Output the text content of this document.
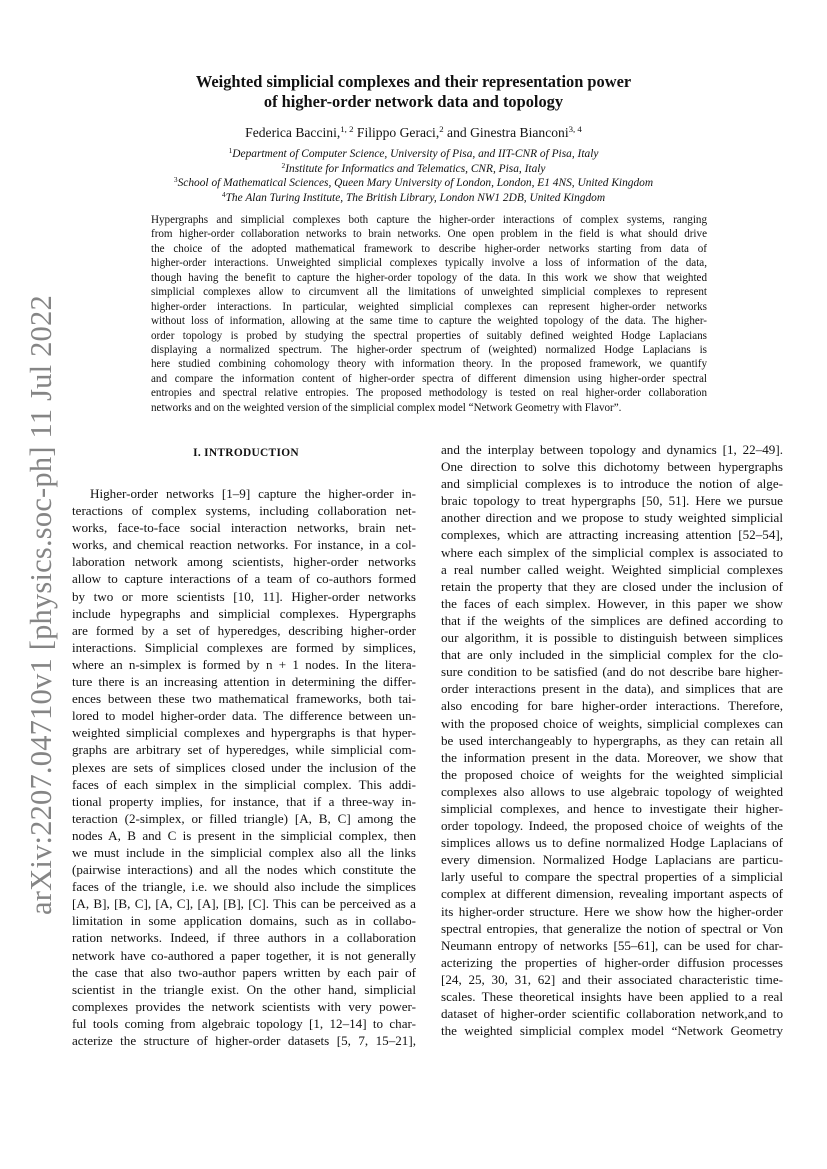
arXiv:2207.04710v1 [physics.soc-ph] 11 Jul 2022
Weighted simplicial complexes and their representation power
of higher-order network data and topology
Federica Baccini,$^{1, 2}$ Filippo Geraci,$^2$ and Ginestra Bianconi$^{3, 4}$
$^1$Department of Computer Science, University of Pisa, and IIT-CNR of Pisa, Italy
$^2$Institute for Informatics and Telematics, CNR, Pisa, Italy
$^3$School of Mathematical Sciences, Queen Mary University of London, London, E1 4NS, United Kingdom
$^4$The Alan Turing Institute, The British Library, London NW1 2DB, United Kingdom
Hypergraphs and simplicial complexes both capture the higher-order interactions of complex systems, ranging
from higher-order collaboration networks to brain networks. One open problem in the field is what should drive
the choice of the adopted mathematical framework to describe higher-order networks starting from data of
higher-order interactions. Unweighted simplicial complexes typically involve a loss of information of the data,
though having the benefit to capture the higher-order topology of the data. In this work we show that weighted
simplicial complexes allow to circumvent all the limitations of unweighted simplicial complexes to represent
higher-order interactions. In particular, weighted simplicial complexes can represent higher-order networks
without loss of information, allowing at the same time to capture the weighted topology of the data. The higher-
order topology is probed by studying the spectral properties of suitably defined weighted Hodge Laplacians
displaying a normalized spectrum. The higher-order spectrum of (weighted) normalized Hodge Laplacians is
here studied combining cohomology theory with information theory. In the proposed framework, we quantify
and compare the information content of higher-order spectra of different dimension using higher-order spectral
entropies and spectral relative entropies. The proposed methodology is tested on real higher-order collaboration
networks and on the weighted version of the simplicial complex model “Network Geometry with Flavor”.
I. INTRODUCTION
Higher-order networks [1–9] capture the higher-order in-
teractions of complex systems, including collaboration net-
works, face-to-face social interaction networks, brain net-
works, and chemical reaction networks. For instance, in a col-
laboration network among scientists, higher-order networks
allow to capture interactions of a team of co-authors formed
by two or more scientists [10, 11]. Higher-order networks
include hypegraphs and simplicial complexes. Hypergraphs
are formed by a set of hyperedges, describing higher-order
interactions. Simplicial complexes are formed by simplices,
where an n-simplex is formed by n + 1 nodes. In the litera-
ture there is an increasing attention in determining the differ-
ences between these two mathematical frameworks, both tai-
lored to model higher-order data. The difference between un-
weighted simplicial complexes and hypergraphs is that hyper-
graphs are arbitrary set of hyperedges, while simplicial com-
plexes are sets of simplices closed under the inclusion of the
faces of each simplex in the simplicial complex. This addi-
tional property implies, for instance, that if a three-way in-
teraction (2-simplex, or filled triangle) [A, B, C] among the
nodes A, B and C is present in the simplicial complex, then
we must include in the simplicial complex also all the links
(pairwise interactions) and all the nodes which constitute the
faces of the triangle, i.e. we should also include the simplices
[A, B], [B, C], [A, C], [A], [B], [C]. This can be perceived as a
limitation in some application domains, such as in collabo-
ration networks. Indeed, if three authors in a collaboration
network have co-authored a paper together, it is not generally
the case that also two-author papers written by each pair of
scientist in the triangle exist. On the other hand, simplicial
complexes provides the network scientists with very power-
ful tools coming from algebraic topology [1, 12–14] to char-
acterize the structure of higher-order datasets [5, 7, 15–21],
and the interplay between topology and dynamics [1, 22–49].
One direction to solve this dichotomy between hypergraphs
and simplicial complexes is to introduce the notion of alge-
braic topology to treat hypergraphs [50, 51]. Here we pursue
another direction and we propose to study weighted simplicial
complexes, which are attracting increasing attention [52–54],
where each simplex of the simplicial complex is associated to
a real number called weight. Weighted simplicial complexes
retain the property that they are closed under the inclusion of
the faces of each simplex. However, in this paper we show
that if the weights of the simplices are defined according to
our algorithm, it is possible to distinguish between simplices
that are only included in the simplicial complex for the clo-
sure condition to be satisfied (and do not describe bare higher-
order interactions present in the data), and simplices that are
also encoding for bare higher-order interactions. Therefore,
with the proposed choice of weights, simplicial complexes can
be used interchangeably to hypergraphs, as they can retain all
the information present in the data. Moreover, we show that
the proposed choice of weights for the weighted simplicial
complexes also allows to use algebraic topology of weighted
simplicial complexes, and hence to investigate their higher-
order topology. Indeed, the proposed choice of weights of the
simplices allows us to define normalized Hodge Laplacians of
every dimension. Normalized Hodge Laplacians are particu-
larly useful to compare the spectral properties of a simplicial
complex at different dimension, revealing important aspects of
its higher-order structure. Here we show how the higher-order
spectral entropies, that generalize the notion of spectral or Von
Neumann entropy of networks [55–61], can be used for char-
acterizing the properties of higher-order diffusion processes
[24, 25, 30, 31, 62] and their associated characteristic time-
scales. These theoretical insights have been applied to a real
dataset of higher-order scientific collaboration network,and to
the weighted simplicial complex model “Network Geometry
